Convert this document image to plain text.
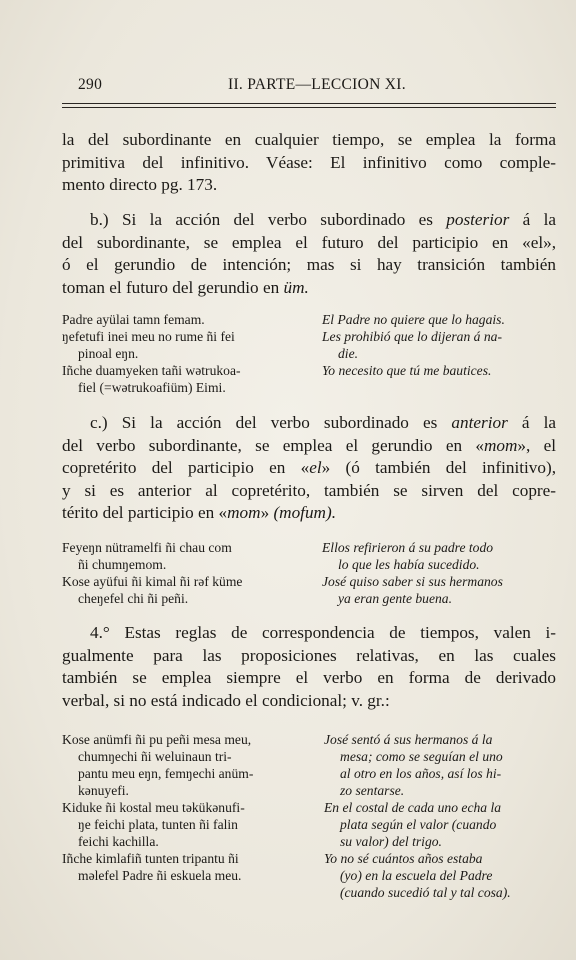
290	II. PARTE—LECCION XI.
la del subordinante en cualquier tiempo, se emplea la forma
primitiva del infinitivo. Véase: El infinitivo como comple-
mento directo pg. 173.
b.) Si la acción del verbo subordinado es posterior á la
del subordinante, se emplea el futuro del participio en «el»,
ó el gerundio de intención; mas si hay transición también
toman el futuro del gerundio en üm.
Padre ayülai tamn femam.	El Padre no quiere que lo hagais.
ŋefetufi inei meu no rume ñi fei
pinoal eŋn.
Les prohibió que lo dijeran á na-
die.
Iñche duamyeken tañi wətrukoa-
fiel (=wətrukoafiüm) Eimi.
Yo necesito que tú me bautices.
c.) Si la acción del verbo subordinado es anterior á la
del verbo subordinante, se emplea el gerundio en «mom», el
copretérito del participio en «el» (ó también del infinitivo),
y si es anterior al copretérito, también se sirven del copre-
térito del participio en «mom» (mofum).
Feyeŋn nütramelfi ñi chau com
ñi chumŋemom.
Ellos refirieron á su padre todo
lo que les había sucedido.
Kose ayüfui ñi kimal ñi rəf küme
cheŋefel chi ñi peñi.
José quiso saber si sus hermanos
ya eran gente buena.
4.° Estas reglas de correspondencia de tiempos, valen i-
gualmente para las proposiciones relativas, en las cuales
también se emplea siempre el verbo en forma de derivado
verbal, si no está indicado el condicional; v. gr.:
Kose anümfi ñi pu peñi mesa meu,
chumŋechi ñi weluinaun tri-
pantu meu eŋn, femŋechi anüm-
kənuyefi.
José sentó á sus hermanos á la
mesa; como se seguían el uno
al otro en los años, así los hi-
zo sentarse.
Kiduke ñi kostal meu təkükənufi-
ŋe feichi plata, tunten ñi falin
feichi kachilla.
En el costal de cada uno echa la
plata según el valor (cuando
su valor) del trigo.
Iñche kimlafiñ tunten tripantu ñi
məlefel Padre ñi eskuela meu.
Yo no sé cuántos años estaba
(yo) en la escuela del Padre
(cuando sucedió tal y tal cosa).
